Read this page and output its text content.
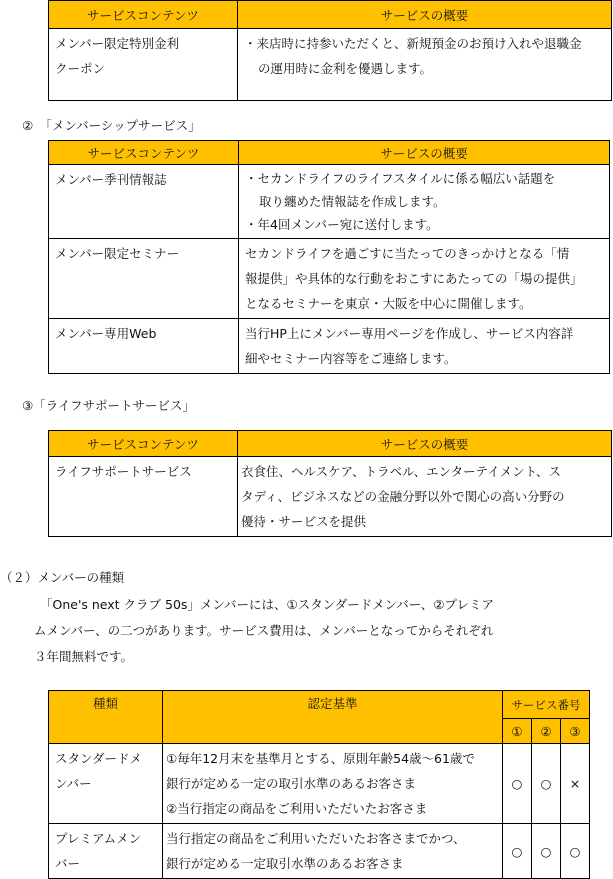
サービスコンテンツ	サービスの概要

メンバー限定特別金利
クーポン	・来店時に持参いただくと、新規預金のお預け入れや退職金
の運用時に金利を優遇します。
②　「メンバーシップサービス」
サービスコンテンツ	サービスの概要

メンバー季刊情報誌	・セカンドライフのライフスタイルに係る幅広い話題を
取り纏めた情報誌を作成します。
・年4回メンバー宛に送付します。

メンバー限定セミナー	セカンドライフを過ごすに当たってのきっかけとなる「情
報提供」や具体的な行動をおこすにあたっての「場の提供」
となるセミナーを東京・大阪を中心に開催します。

メンバー専用Web	当行HP上にメンバー専用ページを作成し、サービス内容詳
細やセミナー内容等をご連絡します。
③「ライフサポートサービス」
サービスコンテンツ	サービスの概要

ライフサポートサービス	衣食住、ヘルスケア、トラベル、エンターテイメント、ス
タディ、ビジネスなどの金融分野以外で関心の高い分野の
優待・サービスを提供
（２）メンバーの種類
「One's next クラブ 50s」メンバーには、①スタンダードメンバー、②プレミア
ムメンバー、の二つがあります。サービス費用は、メンバーとなってからそれぞれ
３年間無料です。
種類	認定基準	サービス番号		
		①	②	③

スタンダードメ
ンバー	①毎年12月末を基準月とする、原則年齢54歳～61歳で
銀行が定める一定の取引水準のあるお客さま
②当行指定の商品をご利用いただいたお客さま	○	○	×

プレミアムメン
バー	当行指定の商品をご利用いただいたお客さまでかつ、
銀行が定める一定取引水準のあるお客さま	○	○	○
